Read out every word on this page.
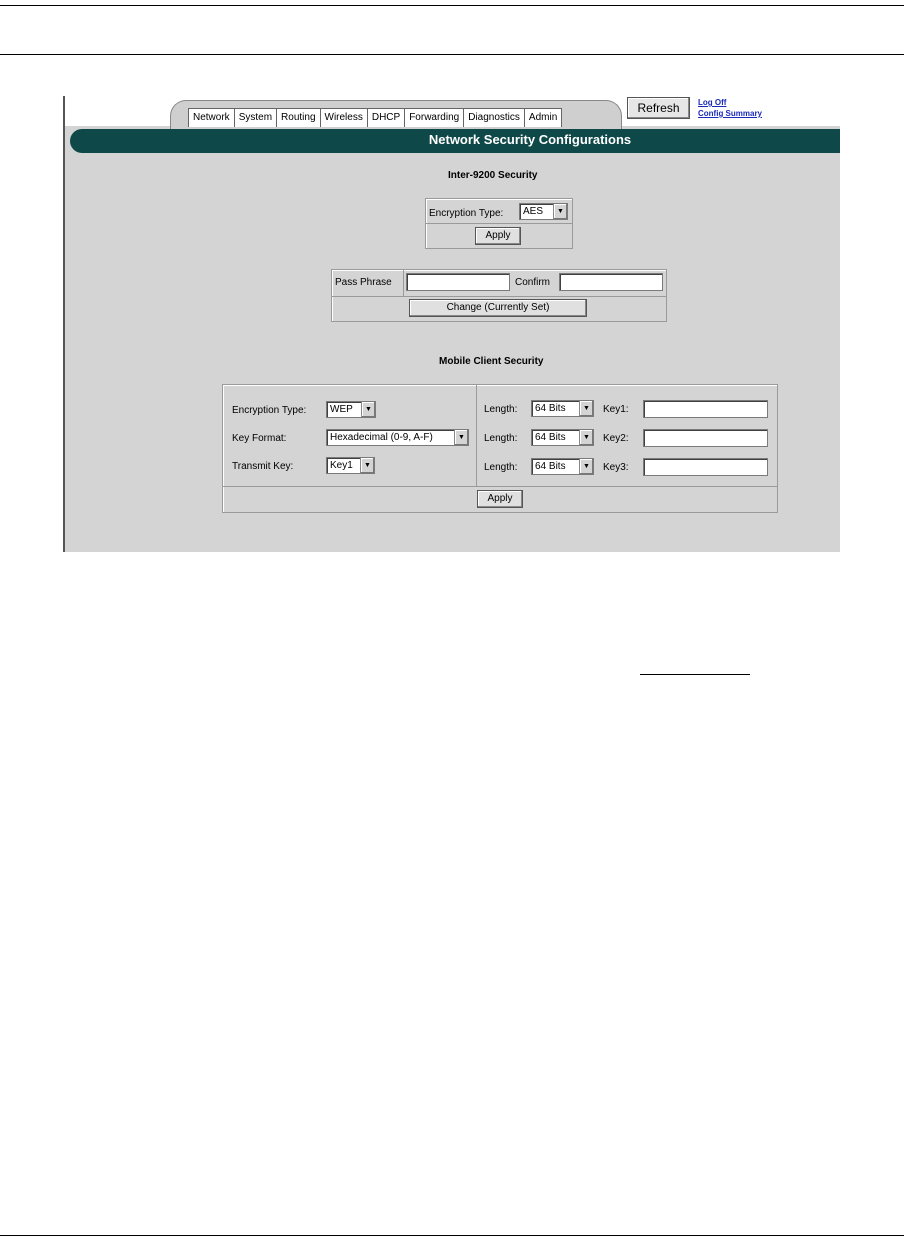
Network System Routing Wireless DHCP Forwarding Diagnostics Admin
Refresh	Log Off
Config Summary
Network Security Configurations
Inter-9200 Security
Encryption Type:	AES	▼
Apply
Pass Phrase	Confirm
Change (Currently Set)
Mobile Client Security
Encryption Type:	WEP	▼
Key Format:	Hexadecimal (0-9, A-F)	▼
Transmit Key:	Key1	▼
Length:	64 Bits	▼	Key1:
Length:	64 Bits	▼	Key2:
Length:	64 Bits	▼	Key3:
Apply
